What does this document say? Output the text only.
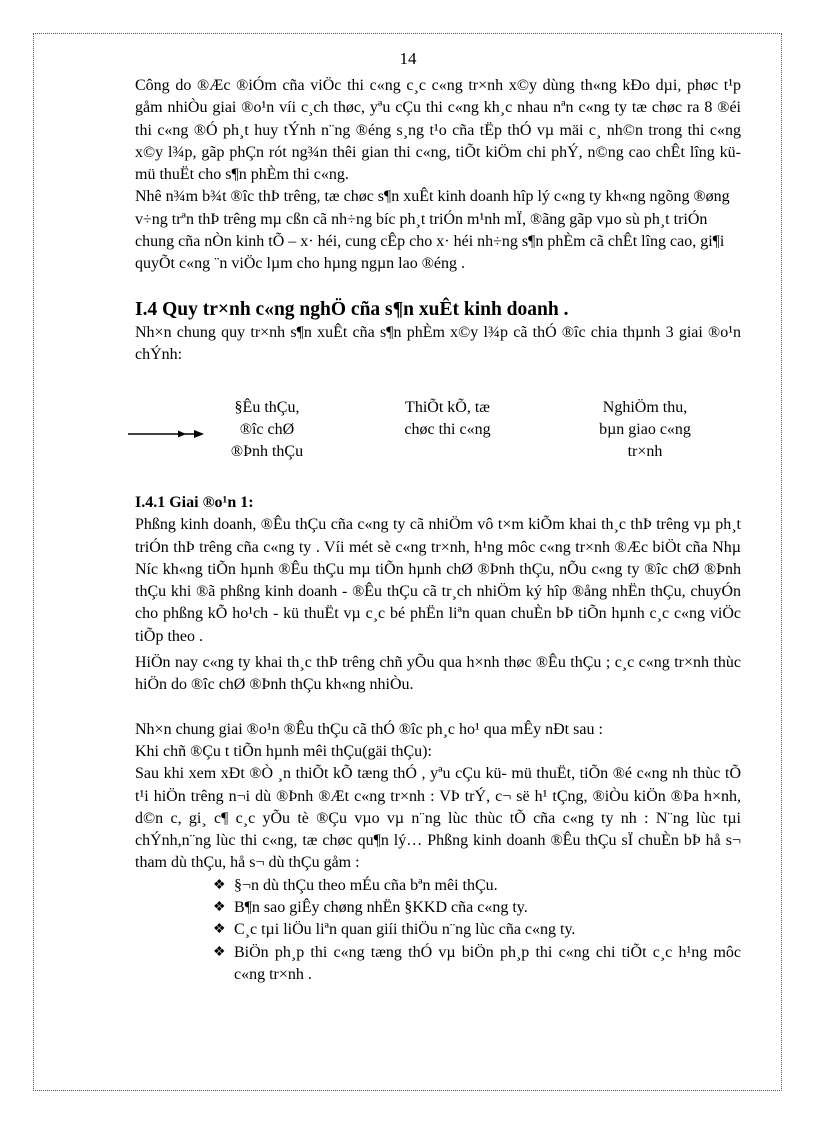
14

Công do ®Æc ®iÓm cña viÖc thi c«ng c¸c c«ng tr×nh x©y dùng th«ng kÐo dµi, phøc t¹p gåm nhiÒu giai ®o¹n víi c¸ch thøc, yªu cÇu thi c«ng kh¸c nhau nªn c«ng ty tæ chøc ra 8 ®éi thi c«ng ®Ó ph¸t huy tÝnh n¨ng ®éng s¸ng t¹o cña tËp thÓ vµ mäi c¸ nh©n trong thi c«ng x©y l¾p, gãp phÇn rót ng¾n thêi gian thi c«ng, tiÕt kiÖm chi phÝ, n©ng cao chÊt lîng kü- mü thuËt cho s¶n phÈm thi c«ng.

Nhê n¾m b¾t ®îc thÞ trêng, tæ chøc s¶n xuÊt kinh doanh hîp lý c«ng ty kh«ng ngõng ®øng v÷ng trªn thÞ trêng mµ cßn cã nh÷ng bíc ph¸t triÓn m¹nh mÏ, ®ãng gãp vµo sù ph¸t triÓn chung cña nÒn kinh tÕ – x· héi, cung cÊp cho x· héi nh÷ng s¶n phÈm cã chÊt lîng cao, gi¶i quyÕt c«ng ¨n viÖc lµm cho hµng ngµn lao ®éng .

I.4 Quy tr×nh c«ng nghÖ cña s¶n xuÊt kinh doanh .

Nh×n chung quy tr×nh s¶n xuÊt cña s¶n phÈm x©y l¾p cã thÓ ®îc chia thµnh 3 giai ®o¹n chÝnh:

§Êu thÇu,
®îc chØ
®Þnh thÇu
ThiÕt kÕ, tæ
chøc thi c«ng
NghiÖm thu,
bµn giao c«ng
tr×nh
I.4.1 Giai ®o¹n 1:

Phßng kinh doanh, ®Êu thÇu cña c«ng ty cã nhiÖm vô t×m kiÕm khai th¸c thÞ trêng vµ ph¸t triÓn thÞ trêng cña c«ng ty . Víi mét sè c«ng tr×nh, h¹ng môc c«ng tr×nh ®Æc biÖt cña Nhµ Níc kh«ng tiÕn hµnh ®Êu thÇu mµ tiÕn hµnh chØ ®Þnh thÇu, nÕu c«ng ty ®îc chØ ®Þnh thÇu khi ®ã phßng kinh doanh - ®Êu thÇu cã tr¸ch nhiÖm ký hîp ®ång nhËn thÇu, chuyÓn cho phßng kÕ ho¹ch - kü thuËt vµ c¸c bé phËn liªn quan chuÈn bÞ tiÕn hµnh c¸c c«ng viÖc tiÕp theo .

HiÖn nay c«ng ty khai th¸c thÞ trêng chñ yÕu qua h×nh thøc ®Êu thÇu ; c¸c c«ng tr×nh thùc hiÖn do ®îc chØ ®Þnh thÇu kh«ng nhiÒu.

Nh×n chung giai ®o¹n ®Êu thÇu cã thÓ ®îc ph¸c ho¹ qua mÊy nÐt sau :

Khi chñ ®Çu t tiÕn hµnh mêi thÇu(gäi thÇu):

Sau khi xem xÐt ®Ò ¸n thiÕt kÕ tæng thÓ , yªu cÇu kü- mü thuËt, tiÕn ®é c«ng nh thùc tÕ t¹i hiÖn trêng n¬i dù ®Þnh ®Æt c«ng tr×nh : VÞ trÝ, c¬ së h¹ tÇng, ®iÒu kiÖn ®Þa h×nh, d©n c, gi¸ c¶ c¸c yÕu tè ®Çu vµo vµ n¨ng lùc thùc tÕ cña c«ng ty nh : N¨ng lùc tµi chÝnh,n¨ng lùc thi c«ng, tæ chøc qu¶n lý… Phßng kinh doanh ®Êu thÇu sÏ chuÈn bÞ hå s¬ tham dù thÇu, hå s¬ dù thÇu gåm :

❖ §¬n dù thÇu theo mÉu cña bªn mêi thÇu.
❖ B¶n sao giÊy chøng nhËn §KKD cña c«ng ty.
❖ C¸c tµi liÖu liªn quan giíi thiÖu n¨ng lùc cña c«ng ty.
❖ BiÖn ph¸p thi c«ng tæng thÓ vµ biÖn ph¸p thi c«ng chi tiÕt c¸c h¹ng môc c«ng tr×nh .
